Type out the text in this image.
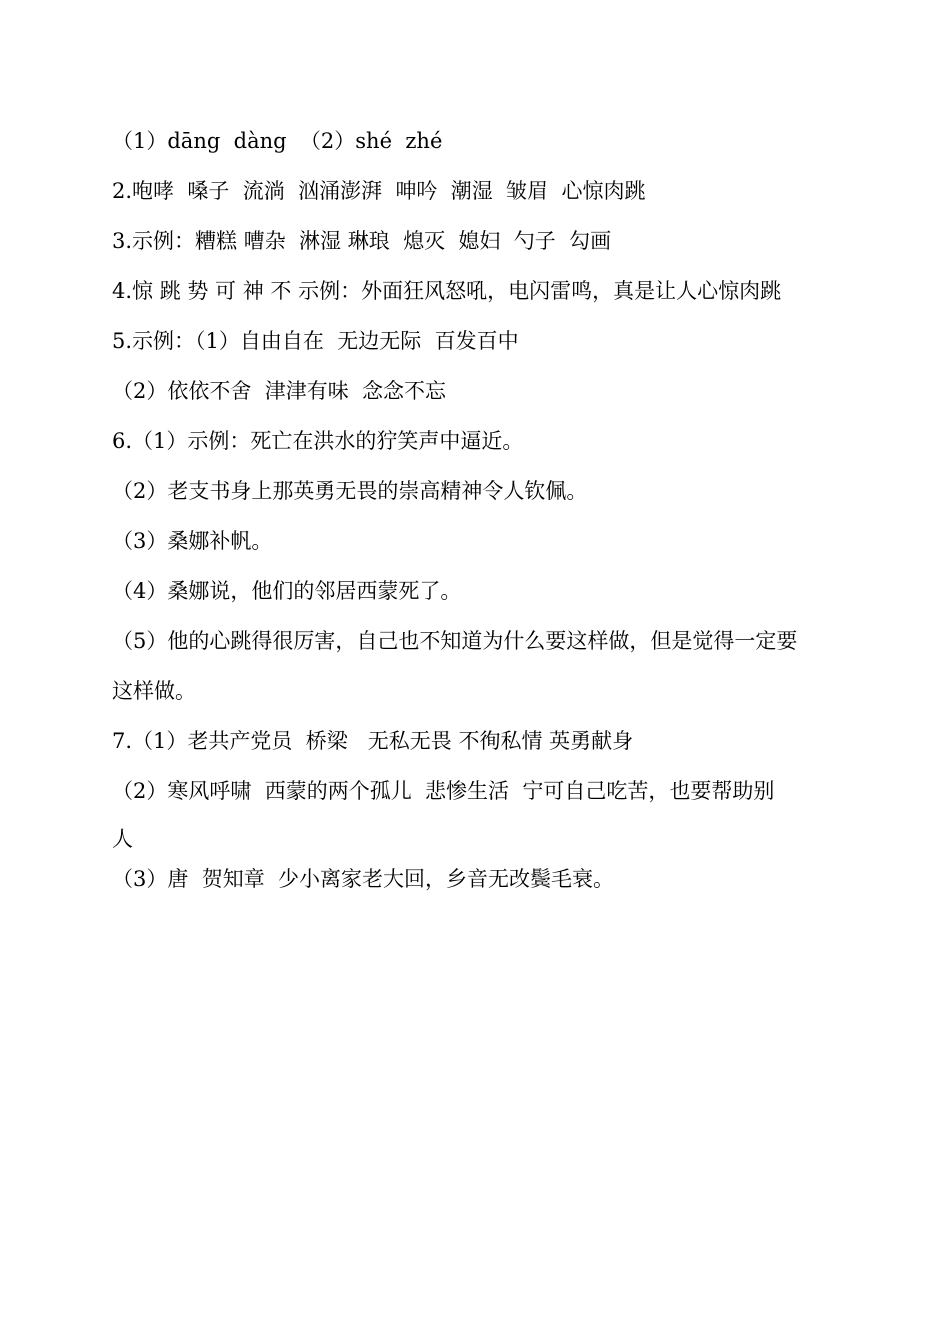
（1）dāng  dàng  （2）shé  zhé
2.咆哮  嗓子  流淌  汹涌澎湃  呻吟  潮湿  皱眉  心惊肉跳
3.示例：糟糕 嘈杂  淋湿 琳琅  熄灭  媳妇  勺子  勾画
4.惊 跳 势 可 神 不 示例：外面狂风怒吼，电闪雷鸣，真是让人心惊肉跳
5.示例：（1）自由自在  无边无际  百发百中
（2）依依不舍  津津有味  念念不忘
6.（1）示例：死亡在洪水的狞笑声中逼近。
（2）老支书身上那英勇无畏的崇高精神令人钦佩。
（3）桑娜补帆。
（4）桑娜说，他们的邻居西蒙死了。
（5）他的心跳得很厉害，自己也不知道为什么要这样做，但是觉得一定要
这样做。
7.（1）老共产党员  桥梁   无私无畏 不徇私情 英勇献身
（2）寒风呼啸  西蒙的两个孤儿  悲惨生活  宁可自己吃苦，也要帮助别
人
（3）唐  贺知章  少小离家老大回，乡音无改鬓毛衰。
